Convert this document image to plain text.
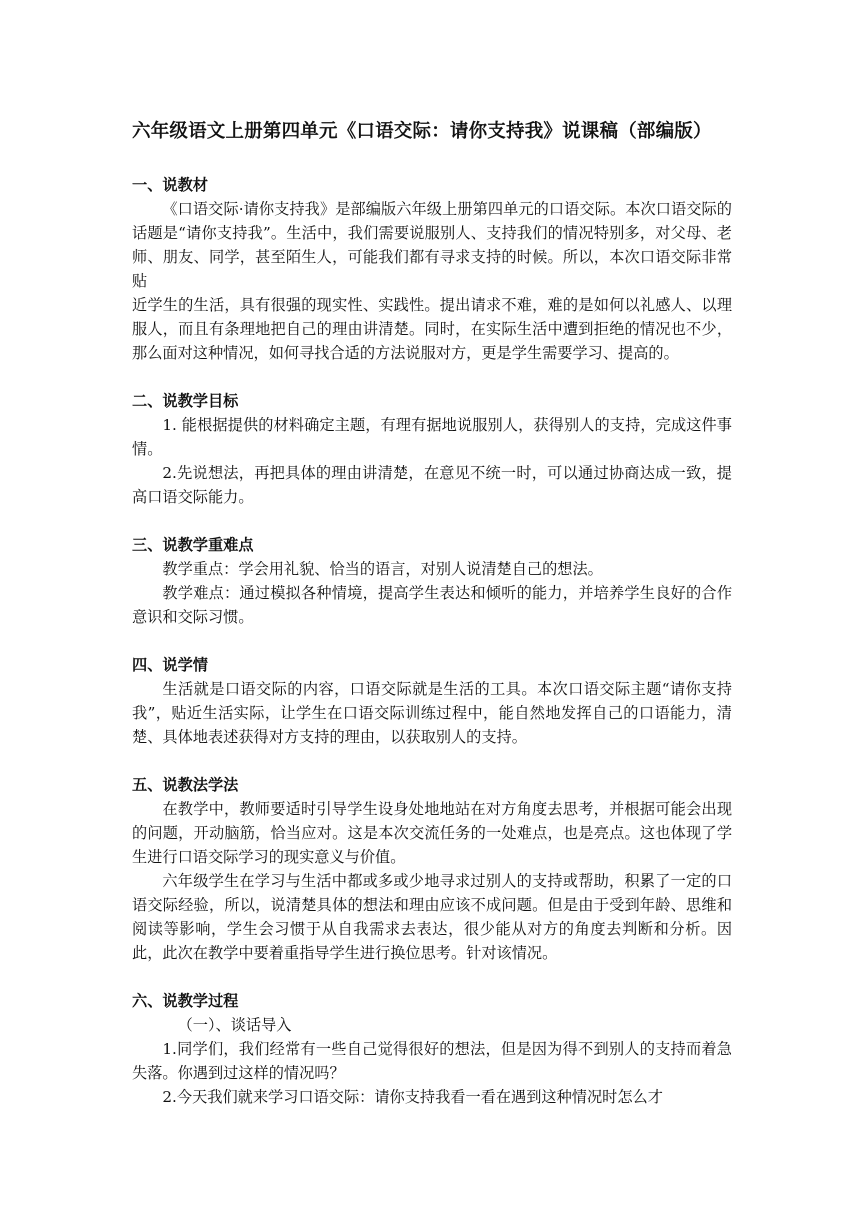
六年级语文上册第四单元《口语交际：请你支持我》说课稿（部编版）

一、说教材

《口语交际·请你支持我》是部编版六年级上册第四单元的口语交际。本次口语交际的话题是“请你支持我”。生活中，我们需要说服别人、支持我们的情况特别多，对父母、老师、朋友、同学，甚至陌生人，可能我们都有寻求支持的时候。所以，本次口语交际非常贴

近学生的生活，具有很强的现实性、实践性。提出请求不难，难的是如何以礼感人、以理服人，而且有条理地把自己的理由讲清楚。同时，在实际生活中遭到拒绝的情况也不少，那么面对这种情况，如何寻找合适的方法说服对方，更是学生需要学习、提高的。

二、说教学目标

1. 能根据提供的材料确定主题，有理有据地说服别人，获得别人的支持，完成这件事情。

2.先说想法，再把具体的理由讲清楚，在意见不统一时，可以通过协商达成一致，提高口语交际能力。

三、说教学重难点

教学重点：学会用礼貌、恰当的语言，对别人说清楚自己的想法。

教学难点：通过模拟各种情境，提高学生表达和倾听的能力，并培养学生良好的合作意识和交际习惯。

四、说学情

生活就是口语交际的内容，口语交际就是生活的工具。本次口语交际主题“请你支持我”，贴近生活实际，让学生在口语交际训练过程中，能自然地发挥自己的口语能力，清楚、具体地表述获得对方支持的理由，以获取别人的支持。

五、说教法学法

在教学中，教师要适时引导学生设身处地地站在对方角度去思考，并根据可能会出现的问题，开动脑筋，恰当应对。这是本次交流任务的一处难点，也是亮点。这也体现了学生进行口语交际学习的现实意义与价值。

六年级学生在学习与生活中都或多或少地寻求过别人的支持或帮助，积累了一定的口语交际经验，所以，说清楚具体的想法和理由应该不成问题。但是由于受到年龄、思维和阅读等影响，学生会习惯于从自我需求去表达，很少能从对方的角度去判断和分析。因此，此次在教学中要着重指导学生进行换位思考。针对该情况。

六、说教学过程

（一）、谈话导入

1.同学们，我们经常有一些自己觉得很好的想法，但是因为得不到别人的支持而着急失落。你遇到过这样的情况吗？

2.今天我们就来学习口语交际：请你支持我看一看在遇到这种情况时怎么才
